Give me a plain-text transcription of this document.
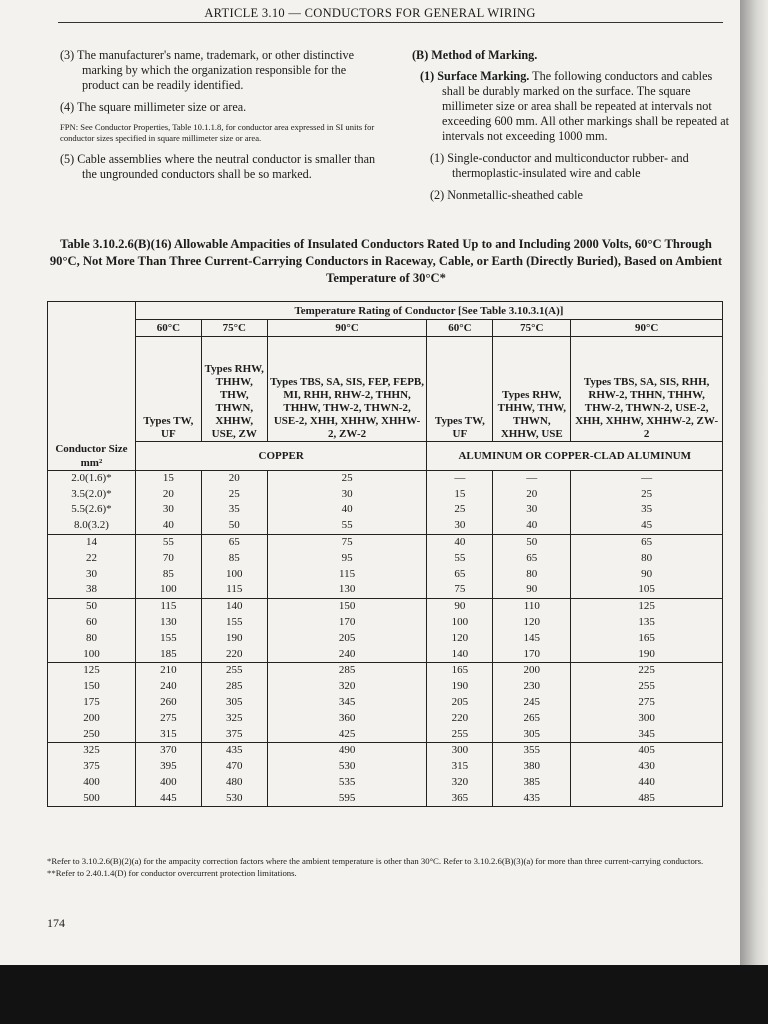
ARTICLE 3.10 — CONDUCTORS FOR GENERAL WIRING

(3) The manufacturer's name, trademark, or other distinctive marking by which the organization responsible for the product can be readily identified.

(4) The square millimeter size or area.

FPN: See Conductor Properties, Table 10.1.1.8, for conductor area expressed in SI units for conductor sizes specified in square millimeter size or area.

(5) Cable assemblies where the neutral conductor is smaller than the ungrounded conductors shall be so marked.

(B) Method of Marking.

(1) Surface Marking. The following conductors and cables shall be durably marked on the surface. The square millimeter size or area shall be repeated at intervals not exceeding 600 mm. All other markings shall be repeated at intervals not exceeding 1000 mm.

(1) Single-conductor and multiconductor rubber- and thermoplastic-insulated wire and cable

(2) Nonmetallic-sheathed cable

Table 3.10.2.6(B)(16) Allowable Ampacities of Insulated Conductors Rated Up to and Including 2000 Volts, 60°C Through 90°C, Not More Than Three Current-Carrying Conductors in Raceway, Cable, or Earth (Directly Buried), Based on Ambient Temperature of 30°C*
	Temperature Rating of Conductor [See Table 3.10.3.1(A)]					
	60°C	75°C	90°C	60°C	75°C	90°C
	Types TW, UF	Types RHW, THHW, THW, THWN, XHHW, USE, ZW	Types TBS, SA, SIS, FEP, FEPB, MI, RHH, RHW-2, THHN, THHW, THW-2, THWN-2, USE-2, XHH, XHHW, XHHW-2, ZW-2	Types TW, UF	Types RHW, THHW, THW, THWN, XHHW, USE	Types TBS, SA, SIS, RHH, RHW-2, THHN, THHW, THW-2, THWN-2, USE-2, XHH, XHHW, XHHW-2, ZW-2
Conductor Size mm²	COPPER			ALUMINUM OR COPPER-CLAD ALUMINUM		
2.0(1.6)*	15	20	25	—	—	—
3.5(2.0)*	20	25	30	15	20	25
5.5(2.6)*	30	35	40	25	30	35
8.0(3.2)	40	50	55	30	40	45
14	55	65	75	40	50	65
22	70	85	95	55	65	80
30	85	100	115	65	80	90
38	100	115	130	75	90	105
50	115	140	150	90	110	125
60	130	155	170	100	120	135
80	155	190	205	120	145	165
100	185	220	240	140	170	190
125	210	255	285	165	200	225
150	240	285	320	190	230	255
175	260	305	345	205	245	275
200	275	325	360	220	265	300
250	315	375	425	255	305	345
325	370	435	490	300	355	405
375	395	470	530	315	380	430
400	400	480	535	320	385	440
500	445	530	595	365	435	485
*Refer to 3.10.2.6(B)(2)(a) for the ampacity correction factors where the ambient temperature is other than 30°C. Refer to 3.10.2.6(B)(3)(a) for more than three current-carrying conductors.
**Refer to 2.40.1.4(D) for conductor overcurrent protection limitations.
174
